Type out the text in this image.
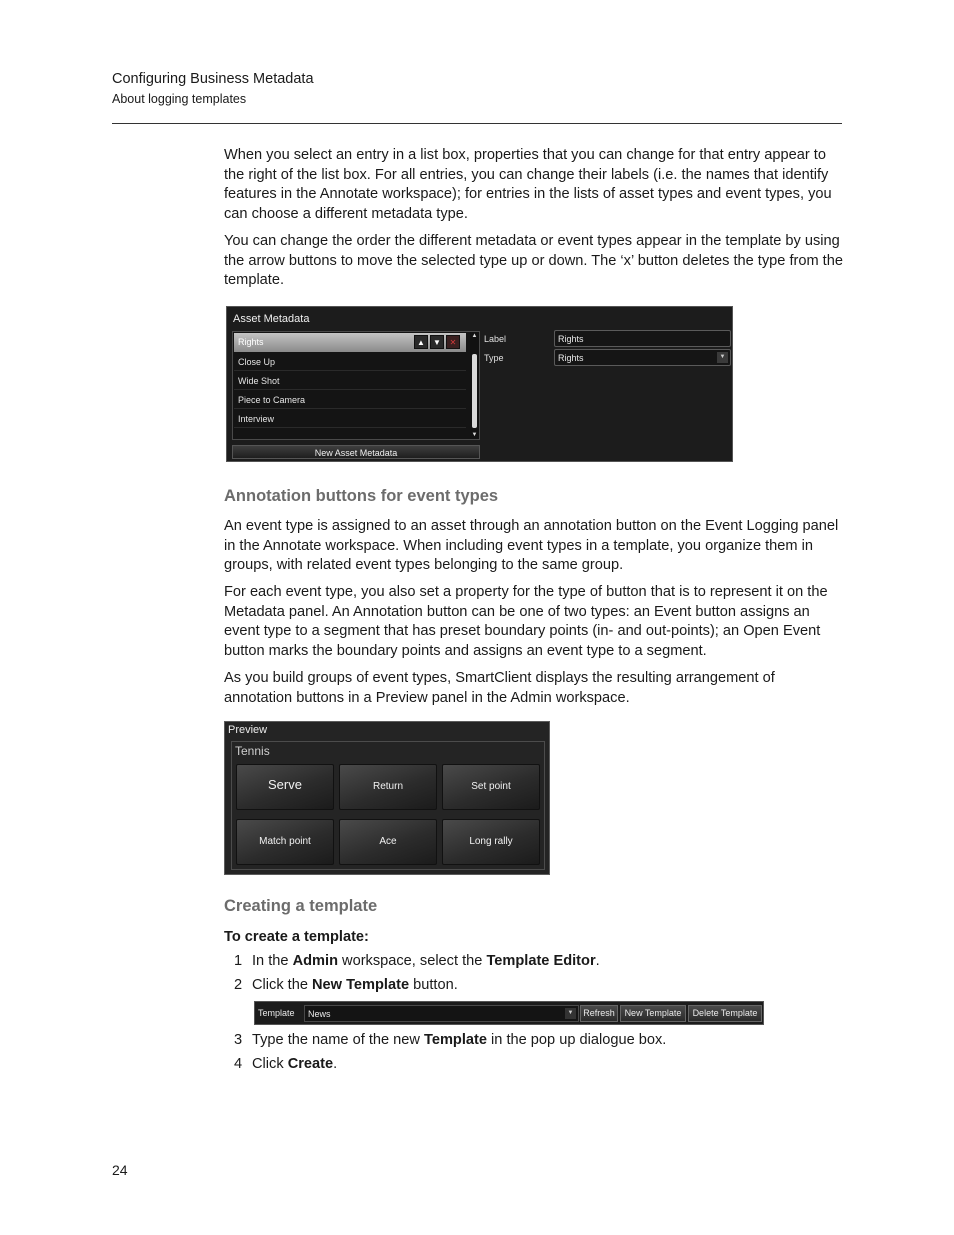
Configuring Business Metadata
About logging templates

When you select an entry in a list box, properties that you can change for that entry appear to the right of the list box. For all entries, you can change their labels (i.e. the names that identify features in the Annotate workspace); for entries in the lists of asset types and event types, you can choose a different metadata type.

You can change the order the different metadata or event types appear in the template by using the arrow buttons to move the selected type up or down. The ‘x’ button deletes the type from the template.

Asset Metadata
Rights	▲	▼	✕
Close Up
Wide Shot
Piece to Camera
Interview
▲
▼
New Asset Metadata
Label	Rights
Type	Rights	▼
Annotation buttons for event types

An event type is assigned to an asset through an annotation button on the Event Logging panel in the Annotate workspace. When including event types in a template, you organize them in groups, with related event types belonging to the same group.

For each event type, you also set a property for the type of button that is to represent it on the Metadata panel. An Annotation button can be one of two types: an Event button assigns an event type to a segment that has preset boundary points (in- and out-points); an Open Event button marks the boundary points and assigns an event type to a segment.

As you build groups of event types, SmartClient displays the resulting arrangement of annotation buttons in a Preview panel in the Admin workspace.

Preview
Tennis
Serve	Return	Set point
Match point	Ace	Long rally
Creating a template
To create a template:
1 In the Admin workspace, select the Template Editor.
2 Click the New Template button.
Template	News	▼	Refresh	New Template	Delete Template
3 Type the name of the new Template in the pop up dialogue box.
4 Click Create.
24
